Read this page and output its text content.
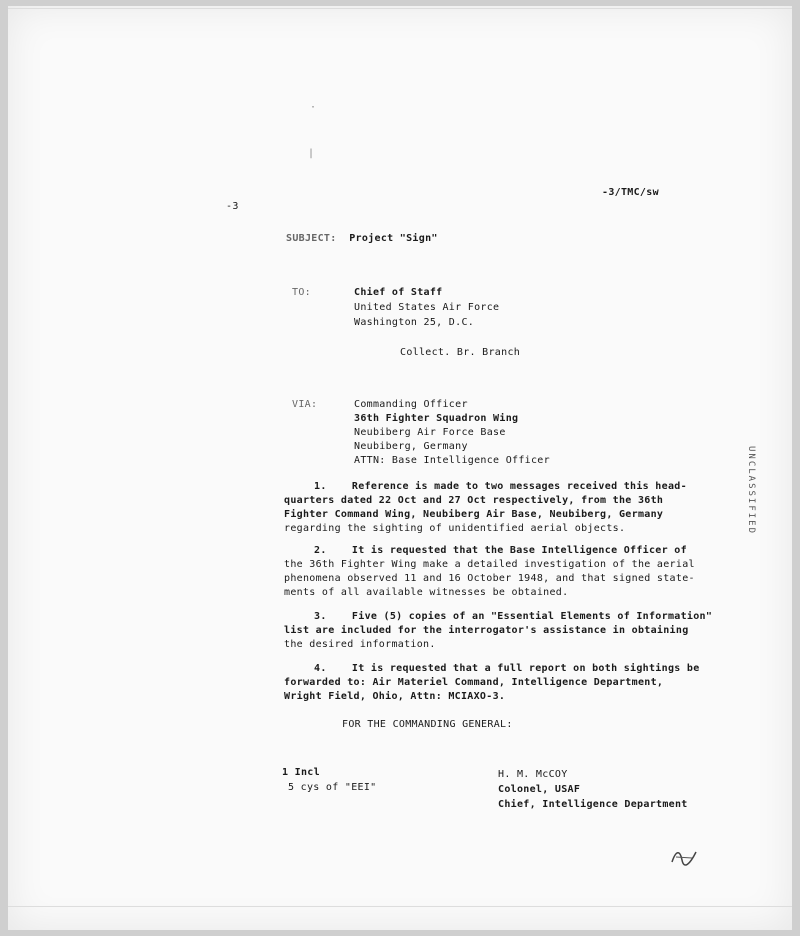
·
|
-3
-3/TMC/sw
SUBJECT:  Project "Sign"
TO:	Chief of Staff
United States Air Force
Washington 25, D.C.
Collect. Br. Branch
VIA:	Commanding Officer
36th Fighter Squadron Wing
Neubiberg Air Force Base
Neubiberg, Germany
ATTN: Base Intelligence Officer
1.    Reference is made to two messages received this head-
quarters dated 22 Oct and 27 Oct respectively, from the 36th
Fighter Command Wing, Neubiberg Air Base, Neubiberg, Germany
regarding the sighting of unidentified aerial objects.
2.    It is requested that the Base Intelligence Officer of
the 36th Fighter Wing make a detailed investigation of the aerial
phenomena observed 11 and 16 October 1948, and that signed state-
ments of all available witnesses be obtained.
3.    Five (5) copies of an "Essential Elements of Information"
list are included for the interrogator's assistance in obtaining
the desired information.
4.    It is requested that a full report on both sightings be
forwarded to: Air Materiel Command, Intelligence Department,
Wright Field, Ohio, Attn: MCIAXO-3.
FOR THE COMMANDING GENERAL:
1 Incl
5 cys of "EEI"
H. M. McCOY
Colonel, USAF
Chief, Intelligence Department
UNCLASSIFIED
